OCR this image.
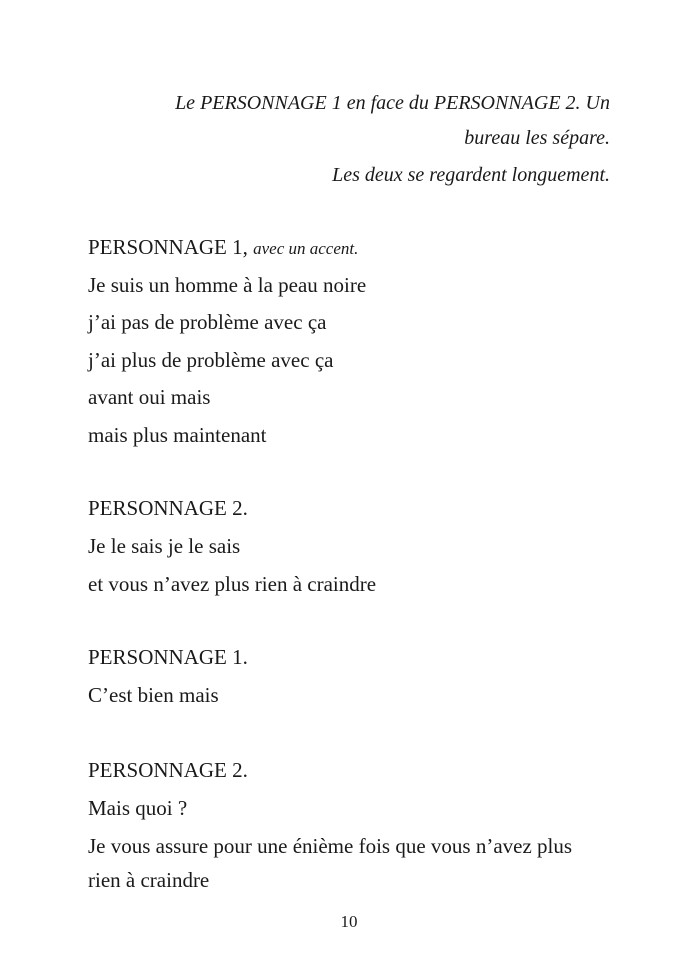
Le PERSONNAGE 1 en face du PERSONNAGE 2. Un
bureau les sépare.
Les deux se regardent longuement.
PERSONNAGE 1, avec un accent.
Je suis un homme à la peau noire
j’ai pas de problème avec ça
j’ai plus de problème avec ça
avant oui mais
mais plus maintenant
PERSONNAGE 2.
Je le sais je le sais
et vous n’avez plus rien à craindre
PERSONNAGE 1.
C’est bien mais
PERSONNAGE 2.
Mais quoi ?
Je vous assure pour une énième fois que vous n’avez plus
rien à craindre
10
